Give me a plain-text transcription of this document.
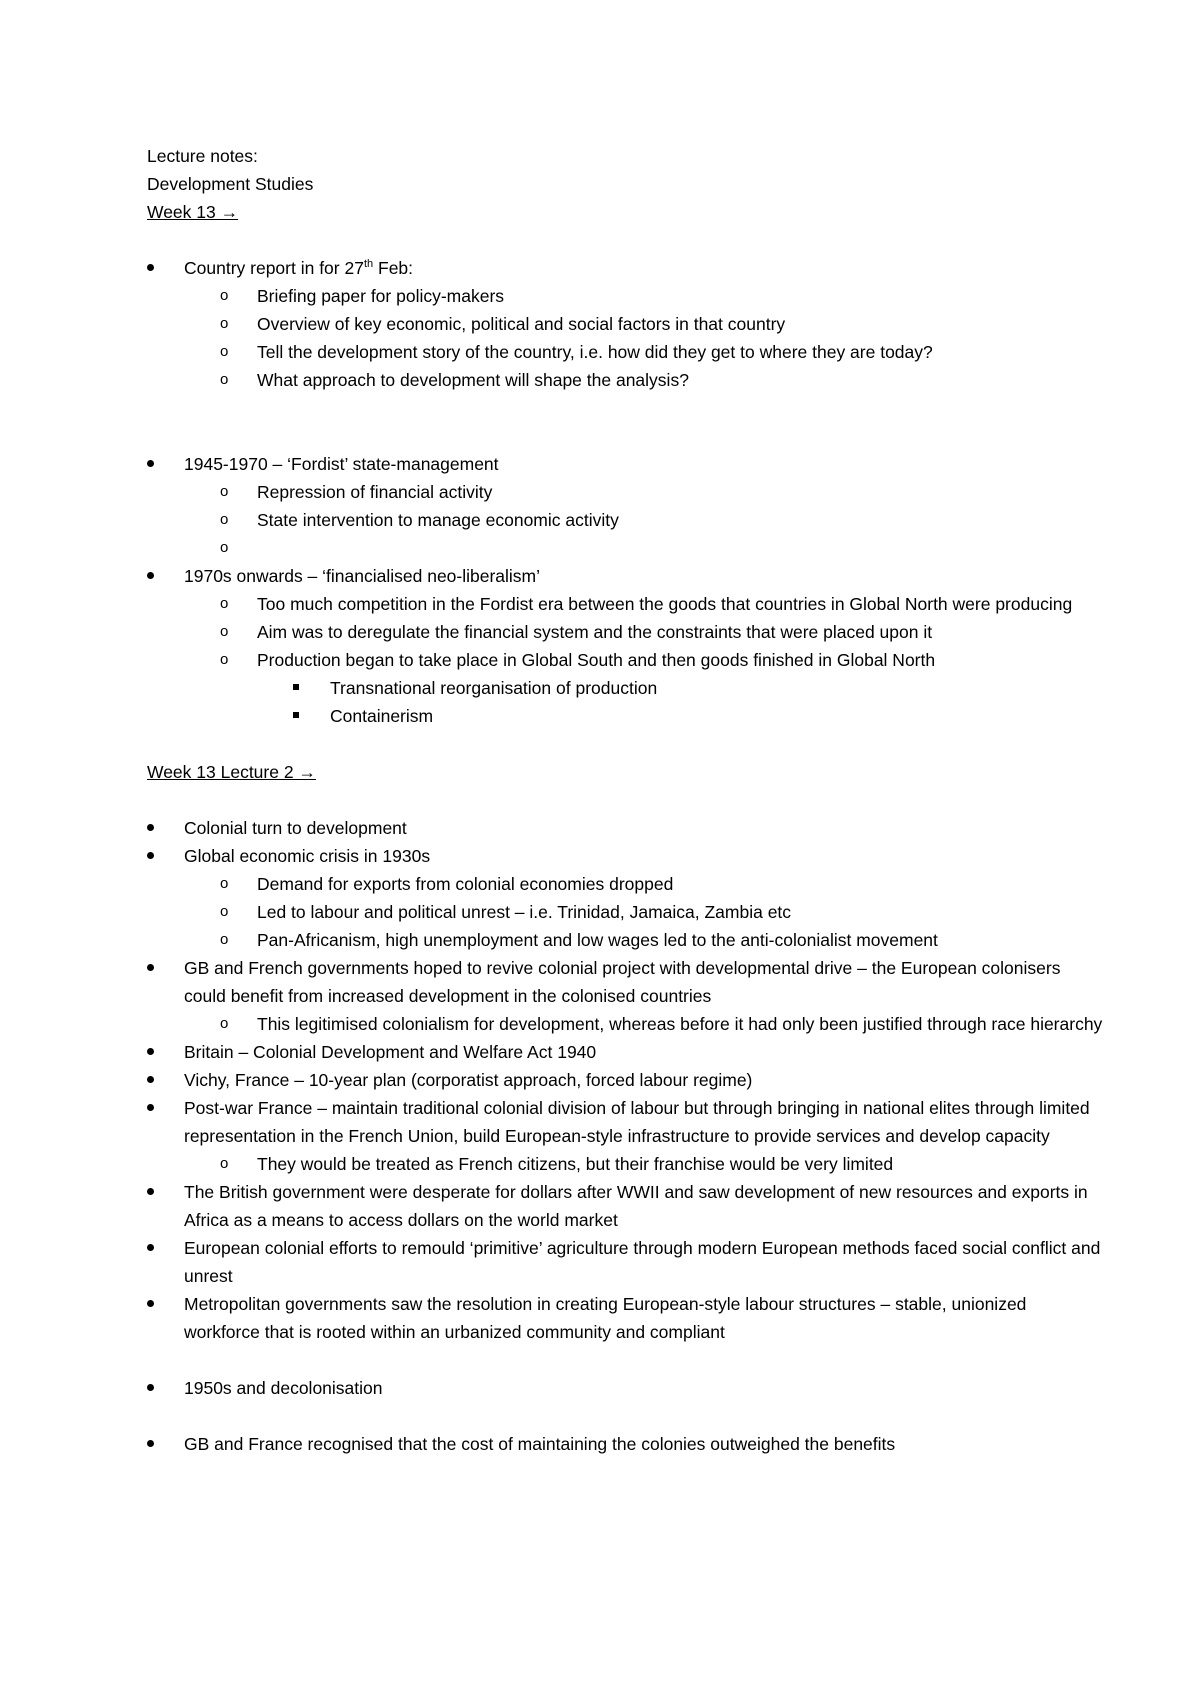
Lecture notes:

Development Studies

Week 13 →

Country report in for 27th Feb:
o Briefing paper for policy-makers
o Overview of key economic, political and social factors in that country
o Tell the development story of the country, i.e. how did they get to where they are today?
o What approach to development will shape the analysis?
1945-1970 – ‘Fordist’ state-management
o Repression of financial activity
o State intervention to manage economic activity
o

1970s onwards – ‘financialised neo-liberalism’
o Too much competition in the Fordist era between the goods that countries in Global North were producing
o Aim was to deregulate the financial system and the constraints that were placed upon it
o Production began to take place in Global South and then goods finished in Global North
Transnational reorganisation of production
Containerism

Week 13 Lecture 2 →

Colonial turn to development
Global economic crisis in 1930s
o Demand for exports from colonial economies dropped
o Led to labour and political unrest – i.e. Trinidad, Jamaica, Zambia etc
o Pan-Africanism, high unemployment and low wages led to the anti-colonialist movement
GB and French governments hoped to revive colonial project with developmental drive – the European colonisers could benefit from increased development in the colonised countries
o This legitimised colonialism for development, whereas before it had only been justified through race hierarchy
Britain – Colonial Development and Welfare Act 1940
Vichy, France – 10-year plan (corporatist approach, forced labour regime)
Post-war France – maintain traditional colonial division of labour but through bringing in national elites through limited representation in the French Union, build European-style infrastructure to provide services and develop capacity
o They would be treated as French citizens, but their franchise would be very limited
The British government were desperate for dollars after WWII and saw development of new resources and exports in Africa as a means to access dollars on the world market
European colonial efforts to remould ‘primitive’ agriculture through modern European methods faced social conflict and unrest
Metropolitan governments saw the resolution in creating European-style labour structures – stable, unionized workforce that is rooted within an urbanized community and compliant
1950s and decolonisation
GB and France recognised that the cost of maintaining the colonies outweighed the benefits
